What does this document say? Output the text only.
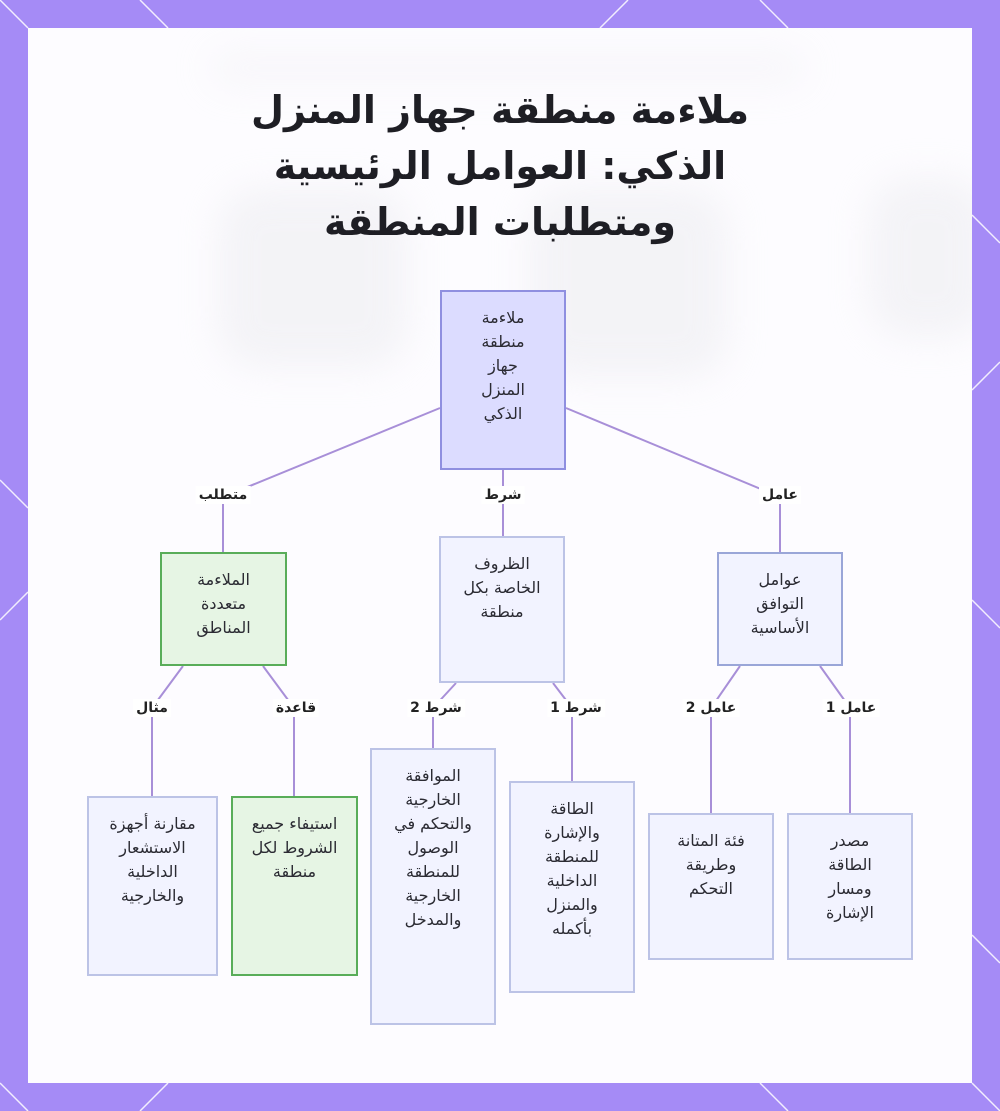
ملاءمة منطقة جهاز المنزل
الذكي: العوامل الرئيسية
ومتطلبات المنطقة
عامل
شرط
متطلب
عامل 1
عامل 2
شرط 1
شرط 2
قاعدة
مثال
ملاءمة منطقة جهاز المنزل الذكي
عوامل التوافق الأساسية
الظروف الخاصة بكل منطقة
الملاءمة متعددة المناطق
مصدر الطاقة ومسار الإشارة
فئة المتانة وطريقة التحكم
الطاقة والإشارة للمنطقة الداخلية والمنزل بأكمله
الموافقة الخارجية والتحكم في الوصول للمنطقة الخارجية والمدخل
استيفاء جميع الشروط لكل منطقة
مقارنة أجهزة الاستشعار الداخلية والخارجية
